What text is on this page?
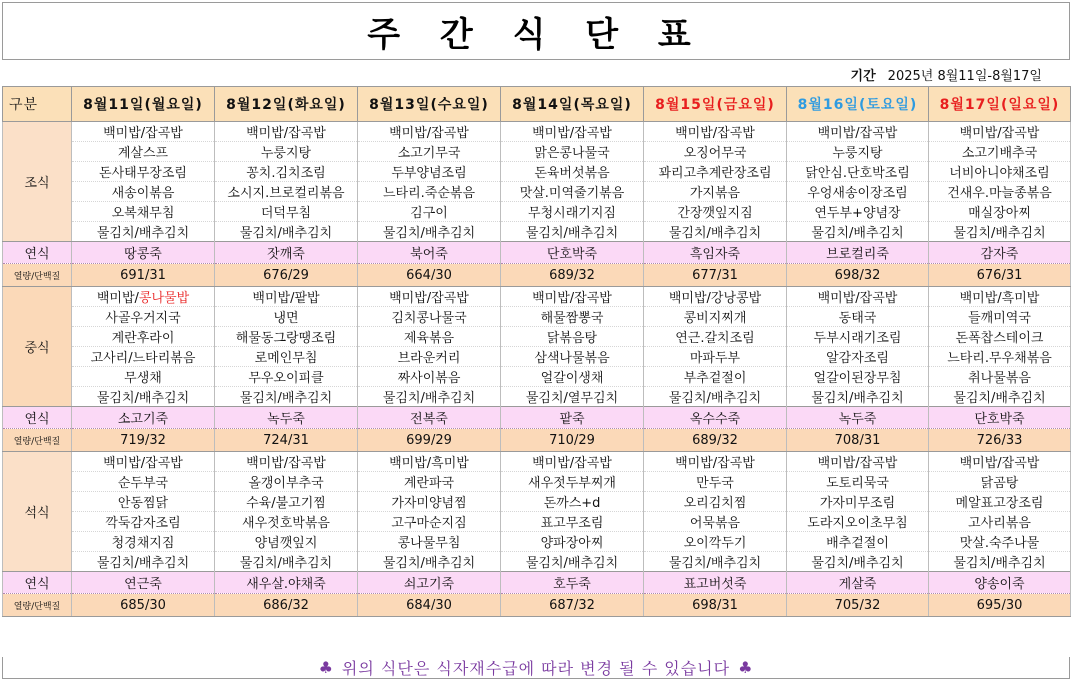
주 간 식 단 표
기간 2025년 8월11일-8월17일
구분	8월11일(월요일)	8월12일(화요일)	8월13일(수요일)	8월14일(목요일)	8월15일(금요일)	8월16일(토요일)	8월17일(일요일)
조식	백미밥/잡곡밥	백미밥/잡곡밥	백미밥/잡곡밥	백미밥/잡곡밥	백미밥/잡곡밥	백미밥/잡곡밥	백미밥/잡곡밥
	계살스프	누룽지탕	소고기무국	맑은콩나물국	오징어무국	누룽지탕	소고기배추국
	돈사태무장조림	꽁치.김치조림	두부양념조림	돈육버섯볶음	꽈리고추계란장조림	닭안심.단호박조림	너비아니야채조림
	새송이볶음	소시지.브로컬리볶음	느타리.죽순볶음	맛살.미역줄기볶음	가지볶음	우엉새송이장조림	건새우.마늘종볶음
	오복채무침	더덕무침	김구이	무청시래기지짐	간장깻잎지짐	연두부+양념장	매실장아찌
	물김치/배추김치	물김치/배추김치	물김치/배추김치	물김치/배추김치	물김치/배추김치	물김치/배추김치	물김치/배추김치
연식	땅콩죽	잣깨죽	북어죽	단호박죽	흑임자죽	브로컬리죽	감자죽
열량/단백질	691/31	676/29	664/30	689/32	677/31	698/32	676/31
중식	백미밥/콩나물밥	백미밥/팥밥	백미밥/잡곡밥	백미밥/잡곡밥	백미밥/강낭콩밥	백미밥/잡곡밥	백미밥/흑미밥
	사골우거지국	냉면	김치콩나물국	해물짬뽕국	콩비지찌개	동태국	들깨미역국
	계란후라이	해물동그랑땡조림	제육볶음	닭볶음탕	연근.갈치조림	두부시래기조림	돈폭찹스테이크
	고사리/느타리볶음	로메인무침	브라운커리	삼색나물볶음	마파두부	알감자조림	느타리.무우채볶음
	무생채	무우오이피클	짜사이볶음	얼갈이생채	부추겉절이	얼갈이된장무침	취나물볶음
	물김치/배추김치	물김치/배추김치	물김치/배추김치	물김치/열무김치	물김치/배추김치	물김치/배추김치	물김치/배추김치
연식	소고기죽	녹두죽	전복죽	팥죽	옥수수죽	녹두죽	단호박죽
열량/단백질	719/32	724/31	699/29	710/29	689/32	708/31	726/33
석식	백미밥/잡곡밥	백미밥/잡곡밥	백미밥/흑미밥	백미밥/잡곡밥	백미밥/잡곡밥	백미밥/잡곡밥	백미밥/잡곡밥
	순두부국	올갱이부추국	계란파국	새우젓두부찌개	만두국	도토리묵국	닭곰탕
	안동찜닭	수육/불고기찜	가자미양념찜	돈까스+d	오리김치찜	가자미무조림	메알표고장조림
	깍둑감자조림	새우젓호박볶음	고구마순지짐	표고무조림	어묵볶음	도라지오이초무침	고사리볶음
	청경채지짐	양념깻잎지	콩나물무침	양파장아찌	오이깍두기	배추겉절이	맛살.숙주나물
	물김치/배추김치	물김치/배추김치	물김치/배추김치	물김치/배추김치	물김치/배추김치	물김치/배추김치	물김치/배추김치
연식	연근죽	새우살.야채죽	쇠고기죽	호두죽	표고버섯죽	게살죽	양송이죽
열량/단백질	685/30	686/32	684/30	687/32	698/31	705/32	695/30
♣ 위의 식단은 식자재수급에 따라 변경 될 수 있습니다 ♣
